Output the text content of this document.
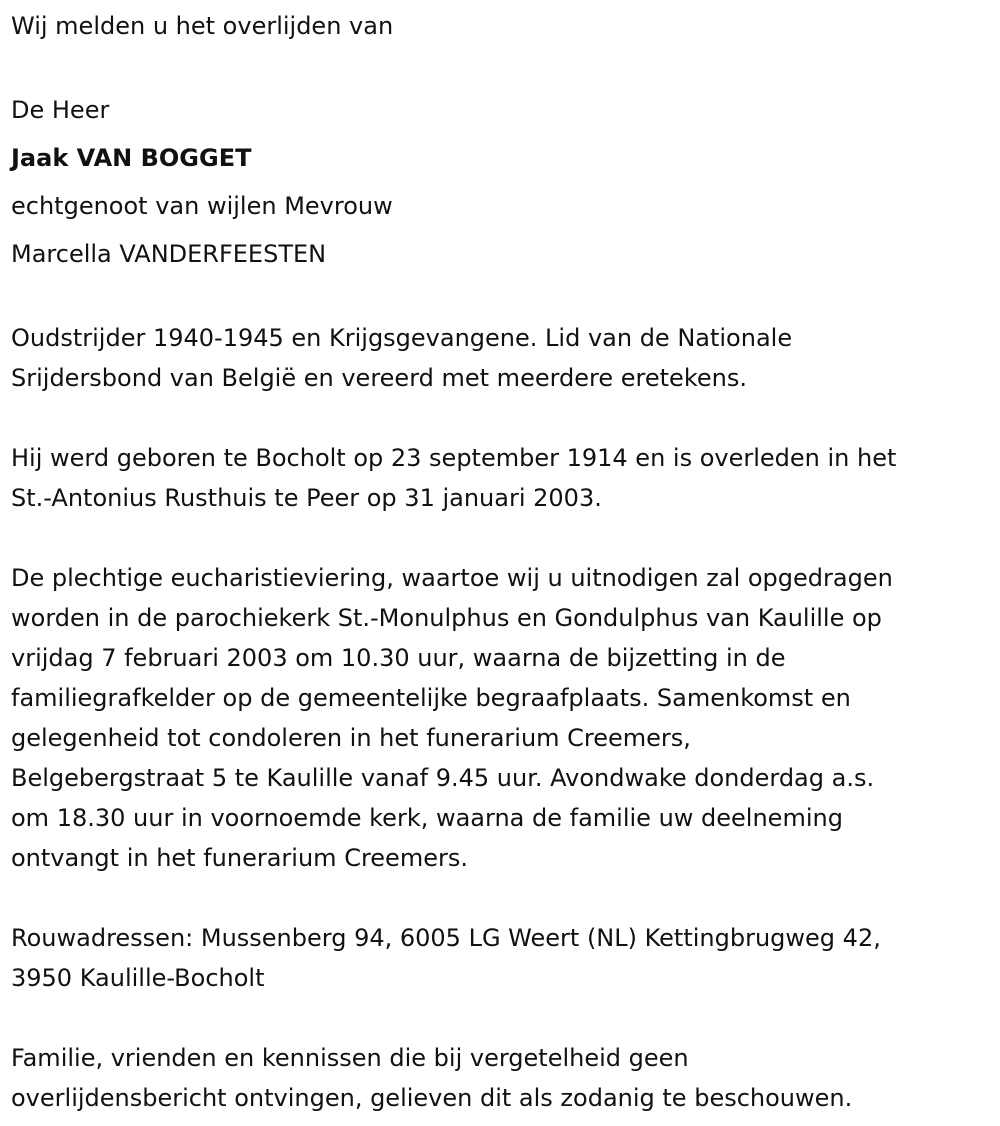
Wij melden u het overlijden van
De Heer
Jaak VAN BOGGET
echtgenoot van wijlen Mevrouw
Marcella VANDERFEESTEN
Oudstrijder 1940-1945 en Krijgsgevangene. Lid van de Nationale
Srijdersbond van België en vereerd met meerdere eretekens.
Hij werd geboren te Bocholt op 23 september 1914 en is overleden in het
St.-Antonius Rusthuis te Peer op 31 januari 2003.
De plechtige eucharistieviering, waartoe wij u uitnodigen zal opgedragen
worden in de parochiekerk St.-Monulphus en Gondulphus van Kaulille op
vrijdag 7 februari 2003 om 10.30 uur, waarna de bijzetting in de
familiegrafkelder op de gemeentelijke begraafplaats. Samenkomst en
gelegenheid tot condoleren in het funerarium Creemers,
Belgebergstraat 5 te Kaulille vanaf 9.45 uur. Avondwake donderdag a.s.
om 18.30 uur in voornoemde kerk, waarna de familie uw deelneming
ontvangt in het funerarium Creemers.
Rouwadressen: Mussenberg 94, 6005 LG Weert (NL) Kettingbrugweg 42,
3950 Kaulille-Bocholt
Familie, vrienden en kennissen die bij vergetelheid geen
overlijdensbericht ontvingen, gelieven dit als zodanig te beschouwen.
